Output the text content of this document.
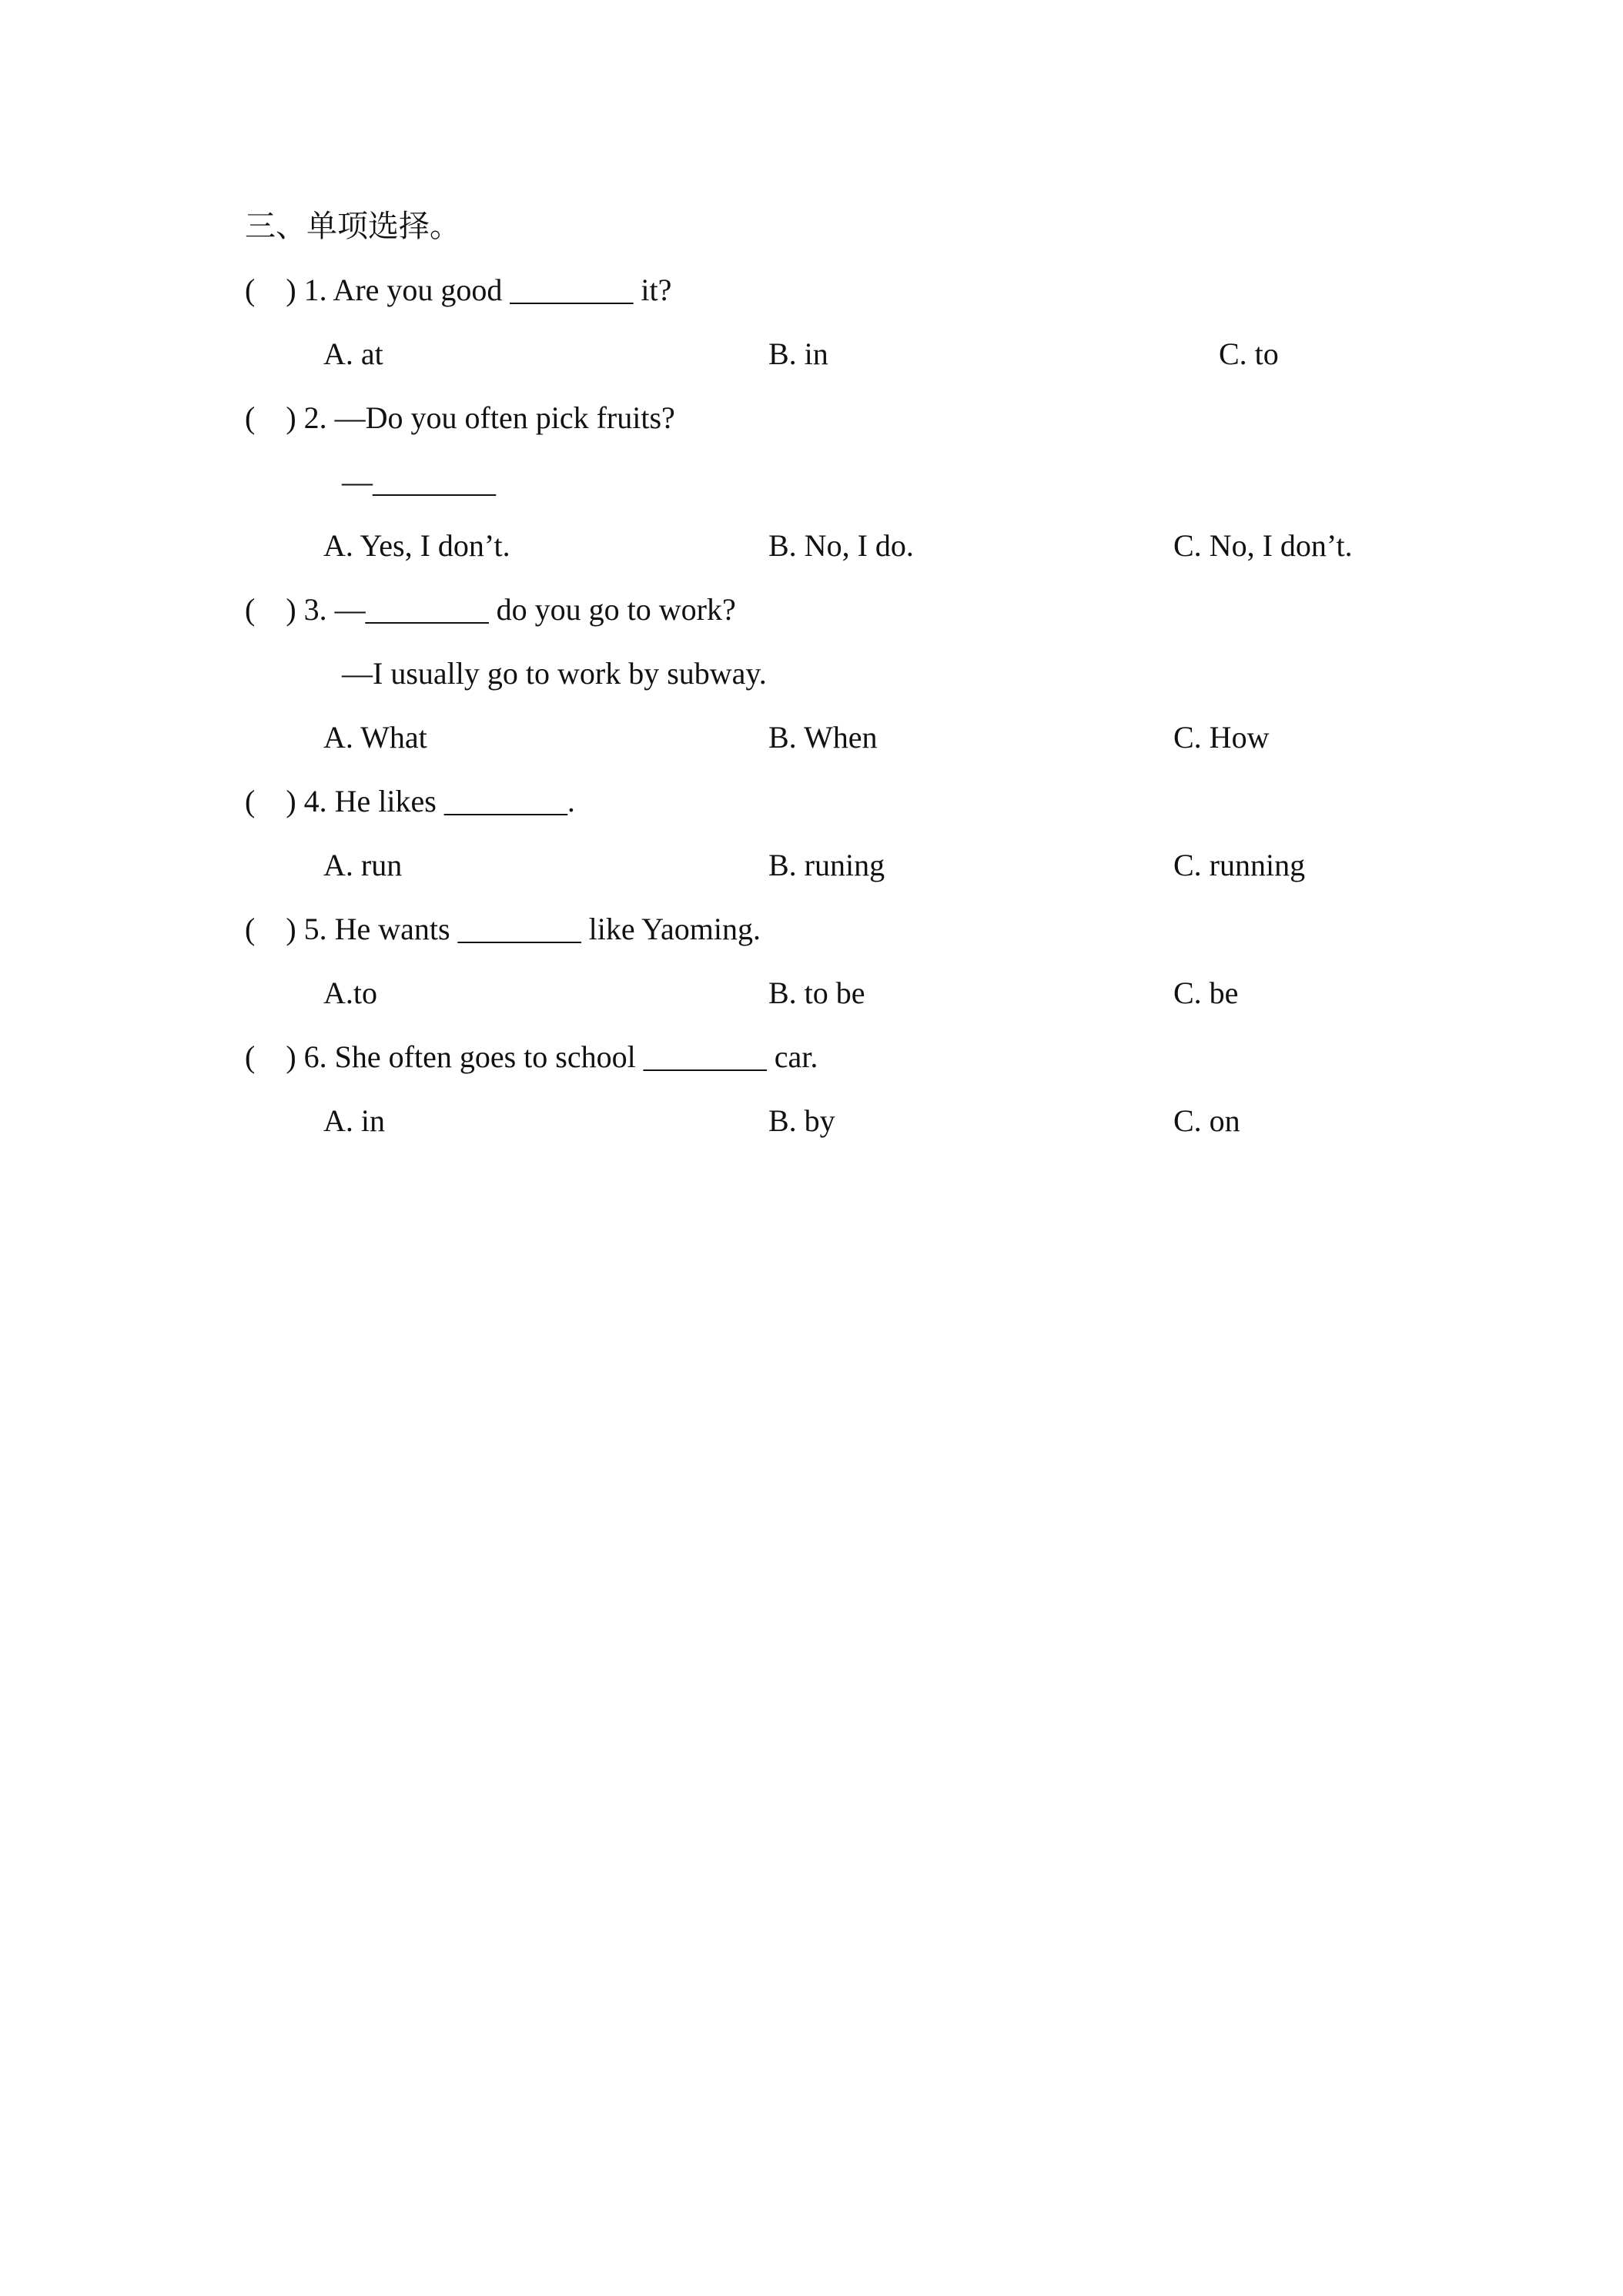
三、单项选择。
(    ) 1. Are you good ________ it?
A. at	B. in	C. to
(    ) 2. —Do you often pick fruits?
—________
A. Yes, I don’t.	B. No, I do.	C. No, I don’t.
(    ) 3. —________ do you go to work?
—I usually go to work by subway.
A. What	B. When	C. How
(    ) 4. He likes ________.
A. run	B. runing	C. running
(    ) 5. He wants ________ like Yaoming.
A.to	B. to be	C. be
(    ) 6. She often goes to school ________ car.
A. in	B. by	C. on
